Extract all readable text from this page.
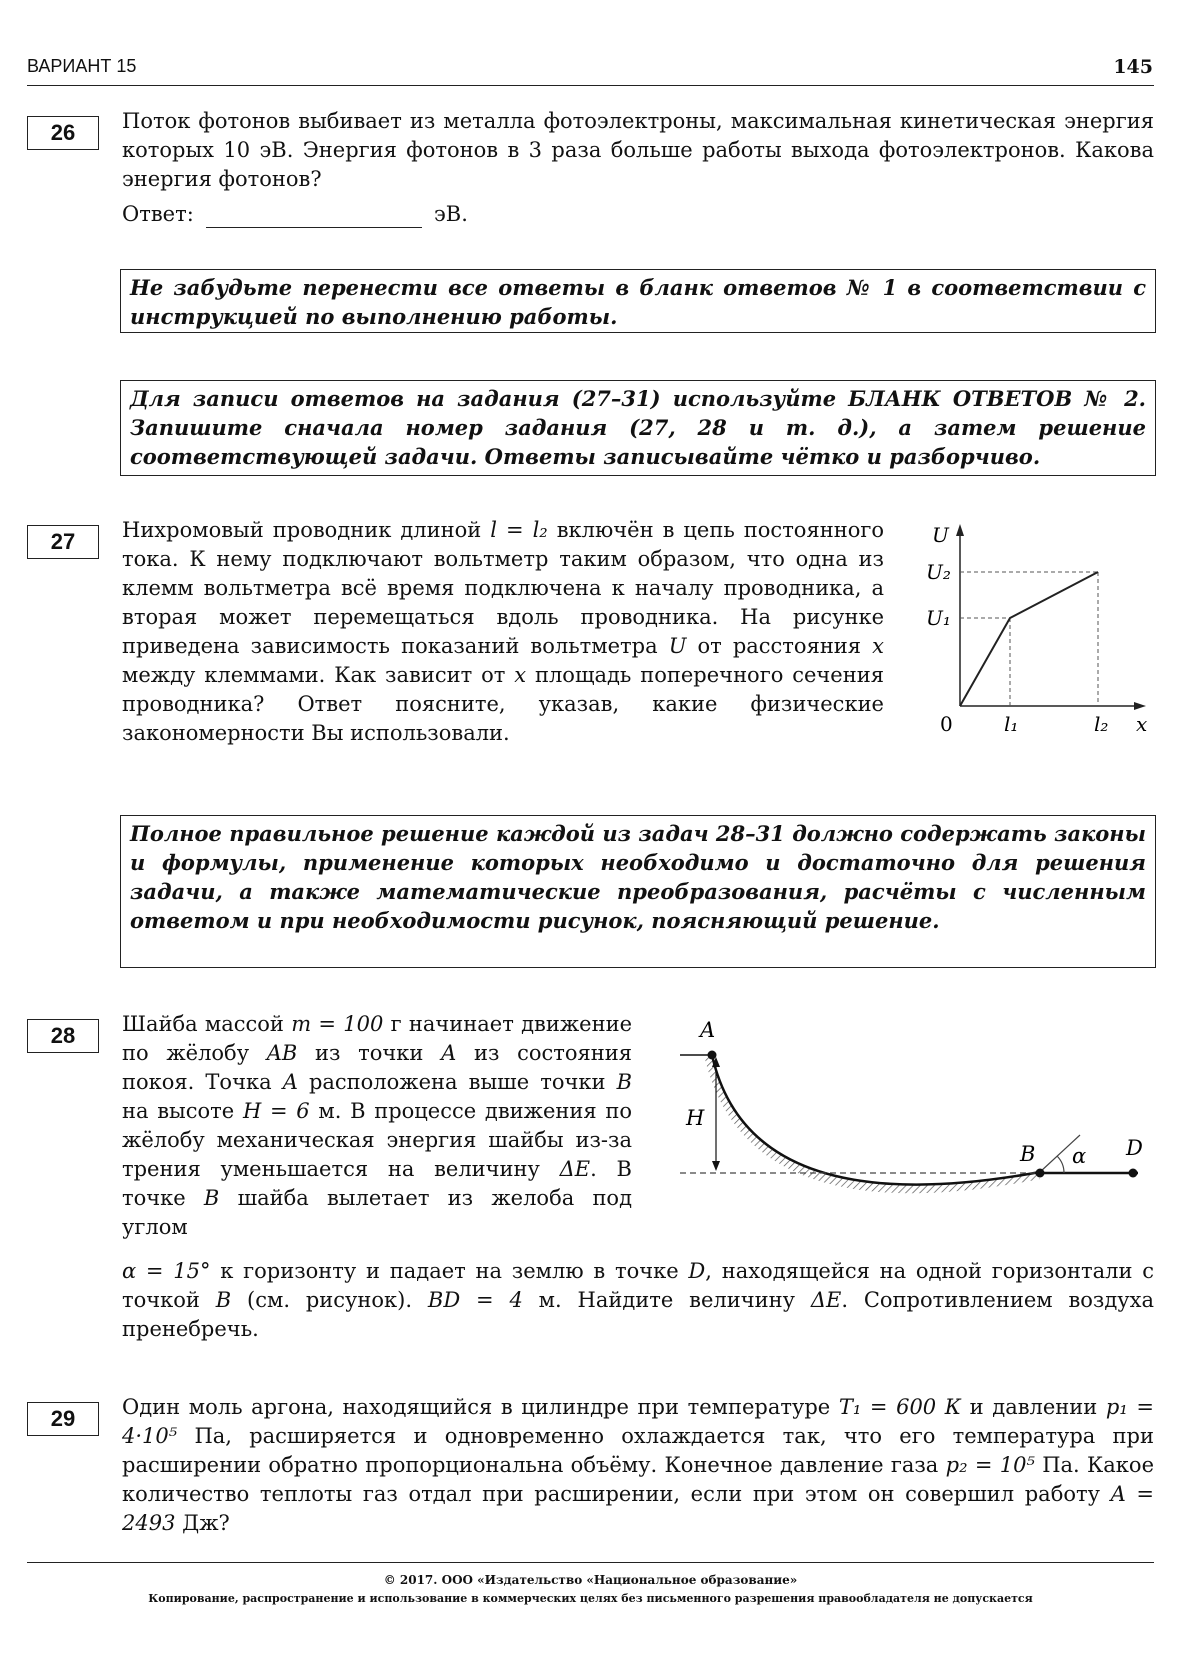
ВАРИАНТ 15	145
26	Поток фотонов выбивает из металла фотоэлектроны, максимальная кинетическая энергия которых 10 эВ. Энергия фотонов в 3 раза больше работы выхода фотоэлектронов. Какова энергия фотонов?

Ответ:	эВ.
Не забудьте перенести все ответы в бланк ответов № 1 в соответствии с инструкцией по выполнению работы.
Для записи ответов на задания (27–31) используйте БЛАНК ОТВЕТОВ № 2. Запишите сначала номер задания (27, 28 и т. д.), а затем решение соответствующей задачи. Ответы записывайте чётко и разборчиво.
27	Нихромовый проводник длиной l = l₂ включён в цепь постоянного тока. К нему подключают вольтметр таким образом, что одна из клемм вольтметра всё время подключена к началу проводника, а вторая может перемещаться вдоль проводника. На рисунке приведена зависимость показаний вольтметра U от расстояния x между клеммами. Как зависит от x площадь поперечного сечения проводника? Ответ поясните, указав, какие физические закономерности Вы использовали.

U
U₂
U₁
0	l₁	l₂ x
Полное правильное решение каждой из задач 28–31 должно содержать законы и формулы, применение которых необходимо и достаточно для решения задачи, а также математические преобразования, расчёты с численным ответом и при необходимости рисунок, поясняющий решение.
28	Шайба массой m = 100 г начинает движение по жёлобу AB из точки A из состояния покоя. Точка A расположена выше точки B на высоте H = 6 м. В процессе движения по жёлобу механическая энергия шайбы из-за трения уменьшается на величину ΔE. В точке B шайба вылетает из желоба под углом

α = 15° к горизонту и падает на землю в точке D, находящейся на одной горизонтали с точкой B (см. рисунок). BD = 4 м. Найдите величину ΔE. Сопротивлением воздуха пренебречь.

A
H
B α D
29	Один моль аргона, находящийся в цилиндре при температуре T₁ = 600 К и давлении p₁ = 4·10⁵ Па, расширяется и одновременно охлаждается так, что его температура при расширении обратно пропорциональна объёму. Конечное давление газа p₂ = 10⁵ Па. Какое количество теплоты газ отдал при расширении, если при этом он совершил работу A = 2493 Дж?

© 2017. ООО «Издательство «Национальное образование»
Копирование, распространение и использование в коммерческих целях без письменного разрешения правообладателя не допускается
